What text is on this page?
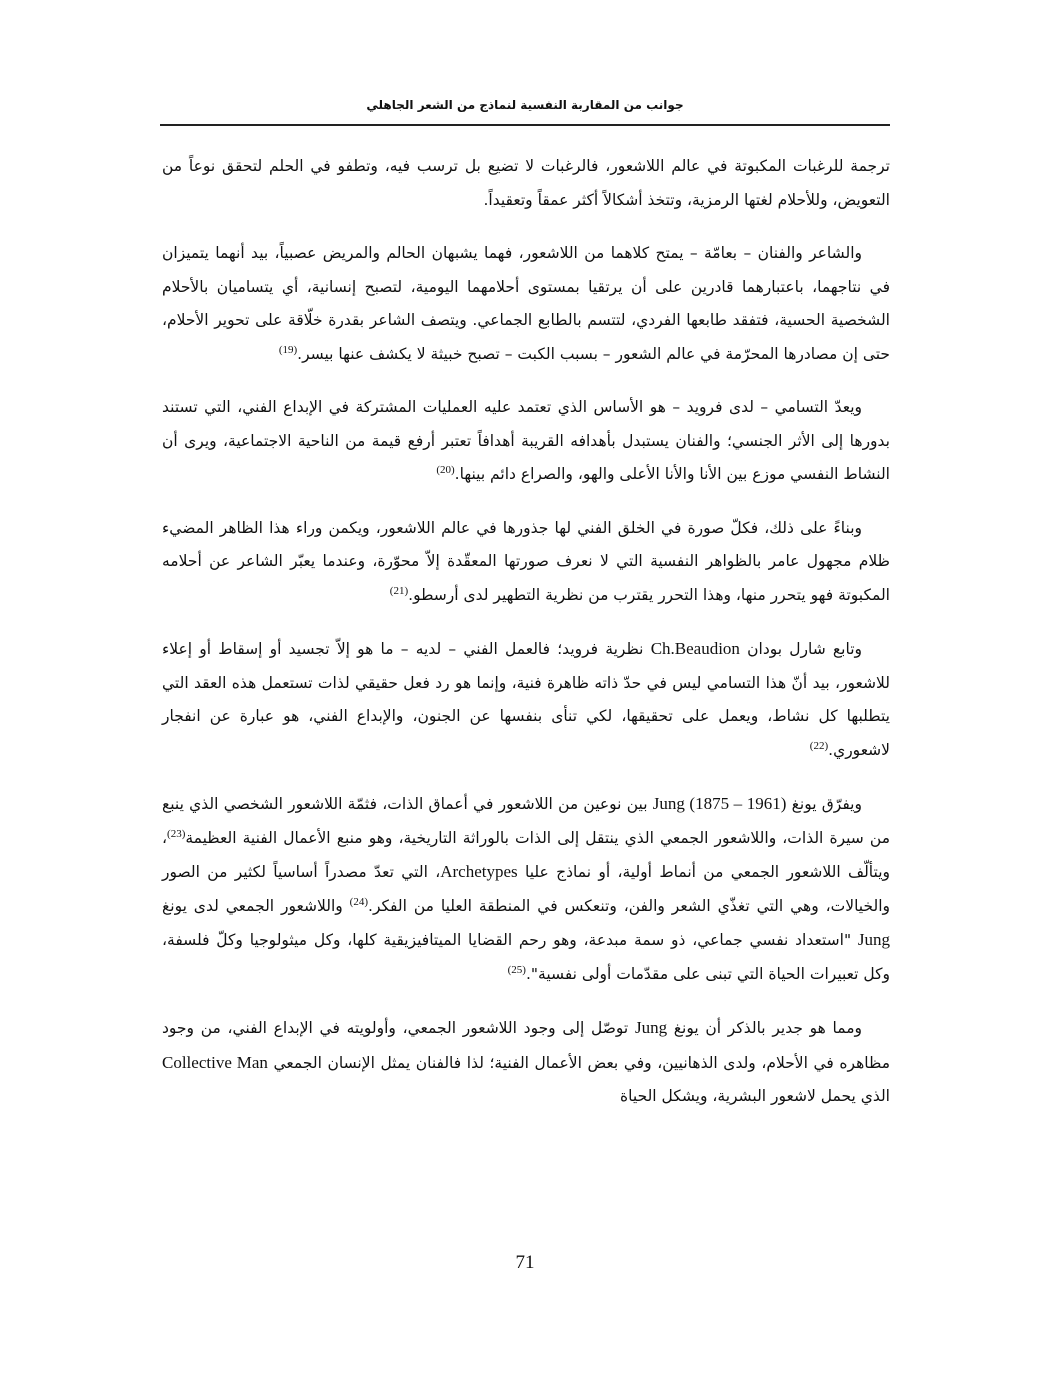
جوانب من المقاربة النفسية لنماذج من الشعر الجاهلي

ترجمة للرغبات المكبوتة في عالم اللاشعور، فالرغبات لا تضيع بل ترسب فيه، وتطفو في الحلم لتحقق نوعاً من التعويض، وللأحلام لغتها الرمزية، وتتخذ أشكالاً أكثر عمقاً وتعقيداً.

والشاعر والفنان – بعامّة – يمتح كلاهما من اللاشعور، فهما يشبهان الحالم والمريض عصبياً، بيد أنهما يتميزان في نتاجهما، باعتبارهما قادرين على أن يرتقيا بمستوى أحلامهما اليومية، لتصبح إنسانية، أي يتساميان بالأحلام الشخصية الحسية، فتفقد طابعها الفردي، لتتسم بالطابع الجماعي. ويتصف الشاعر بقدرة خلّاقة على تحوير الأحلام، حتى إن مصادرها المحرّمة في عالم الشعور – بسبب الكبت – تصبح خبيثة لا يكشف عنها بيسر.$^{(19)}$

ويعدّ التسامي – لدى فرويد – هو الأساس الذي تعتمد عليه العمليات المشتركة في الإبداع الفني، التي تستند بدورها إلى الأثر الجنسي؛ والفنان يستبدل بأهدافه القريبة أهدافاً تعتبر أرفع قيمة من الناحية الاجتماعية، ويرى أن النشاط النفسي موزع بين الأنا والأنا الأعلى والهو، والصراع دائم بينها.$^{(20)}$

وبناءً على ذلك، فكلّ صورة في الخلق الفني لها جذورها في عالم اللاشعور، ويكمن وراء هذا الظاهر المضيء ظلام مجهول عامر بالظواهر النفسية التي لا نعرف صورتها المعقّدة إلاّ محوّرة، وعندما يعبّر الشاعر عن أحلامه المكبوتة فهو يتحرر منها، وهذا التحرر يقترب من نظرية التطهير لدى أرسطو.$^{(21)}$

وتابع شارل بودان Ch.Beaudion نظرية فرويد؛ فالعمل الفني – لديه – ما هو إلاّ تجسيد أو إسقاط أو إعلاء للاشعور، بيد أنّ هذا التسامي ليس في حدّ ذاته ظاهرة فنية، وإنما هو رد فعل حقيقي لذات تستعمل هذه العقد التي يتطلبها كل نشاط، ويعمل على تحقيقها، لكي تنأى بنفسها عن الجنون، والإبداع الفني، هو عبارة عن انفجار لاشعوري.$^{(22)}$

ويفرّق يونغ Jung (1875 – 1961) بين نوعين من اللاشعور في أعماق الذات، فثمّة اللاشعور الشخصي الذي ينبع من سيرة الذات، واللاشعور الجمعي الذي ينتقل إلى الذات بالوراثة التاريخية، وهو منبع الأعمال الفنية العظيمة$^{(23)}$، ويتألّف اللاشعور الجمعي من أنماط أولية، أو نماذج عليا Archetypes، التي تعدّ مصدراً أساسياً لكثير من الصور والخيالات، وهي التي تغذّي الشعر والفن، وتنعكس في المنطقة العليا من الفكر.$^{(24)}$ واللاشعور الجمعي لدى يونغ Jung "استعداد نفسي جماعي، ذو سمة مبدعة، وهو رحم القضايا الميتافيزيقية كلها، وكل ميثولوجيا وكلّ فلسفة، وكل تعبيرات الحياة التي تبنى على مقدّمات أولى نفسية".$^{(25)}$

ومما هو جدير بالذكر أن يونغ Jung توصّل إلى وجود اللاشعور الجمعي، وأولويته في الإبداع الفني، من وجود مظاهره في الأحلام، ولدى الذهانيين، وفي بعض الأعمال الفنية؛ لذا فالفنان يمثل الإنسان الجمعي Collective Man الذي يحمل لاشعور البشرية، ويشكل الحياة

71
